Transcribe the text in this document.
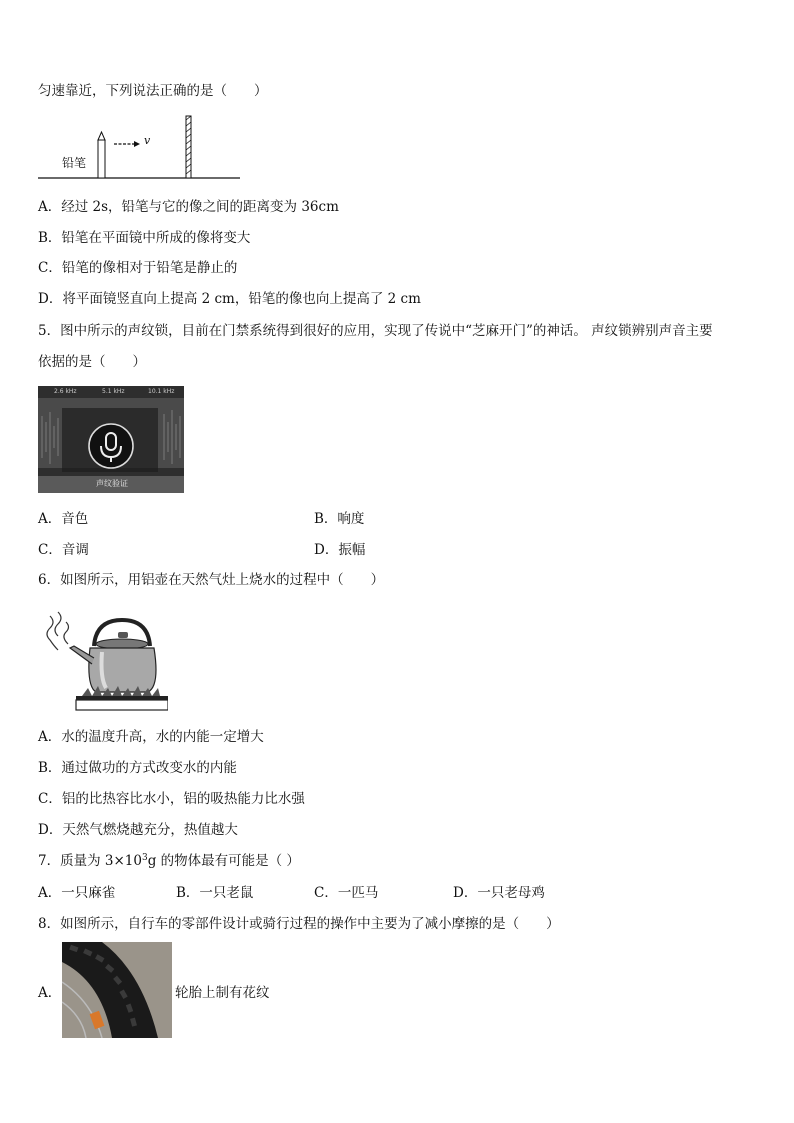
匀速靠近，下列说法正确的是（　　）
铅笔
v
A．经过 2s，铅笔与它的像之间的距离变为 36cm
B．铅笔在平面镜中所成的像将变大
C．铅笔的像相对于铅笔是静止的
D．将平面镜竖直向上提高 2 cm，铅笔的像也向上提高了 2 cm
5．图中所示的声纹锁，目前在门禁系统得到很好的应用，实现了传说中“芝麻开门”的神话。 声纹锁辨别声音主要
依据的是（　　）
2.6 kHz	5.1 kHz	10.1 kHz
声纹验证
A．音色	B．响度
C．音调	D．振幅
6．如图所示，用铝壶在天然气灶上烧水的过程中（　　）
A．水的温度升高，水的内能一定增大
B．通过做功的方式改变水的内能
C．铝的比热容比水小，铝的吸热能力比水强
D．天然气燃烧越充分，热值越大
7．质量为 $3\times 10^3g$ 的物体最有可能是（ ）
A．一只麻雀	B．一只老鼠	C．一匹马	D．一只老母鸡
8．如图所示，自行车的零部件设计或骑行过程的操作中主要为了减小摩擦的是（　　）
A．	轮胎上制有花纹
